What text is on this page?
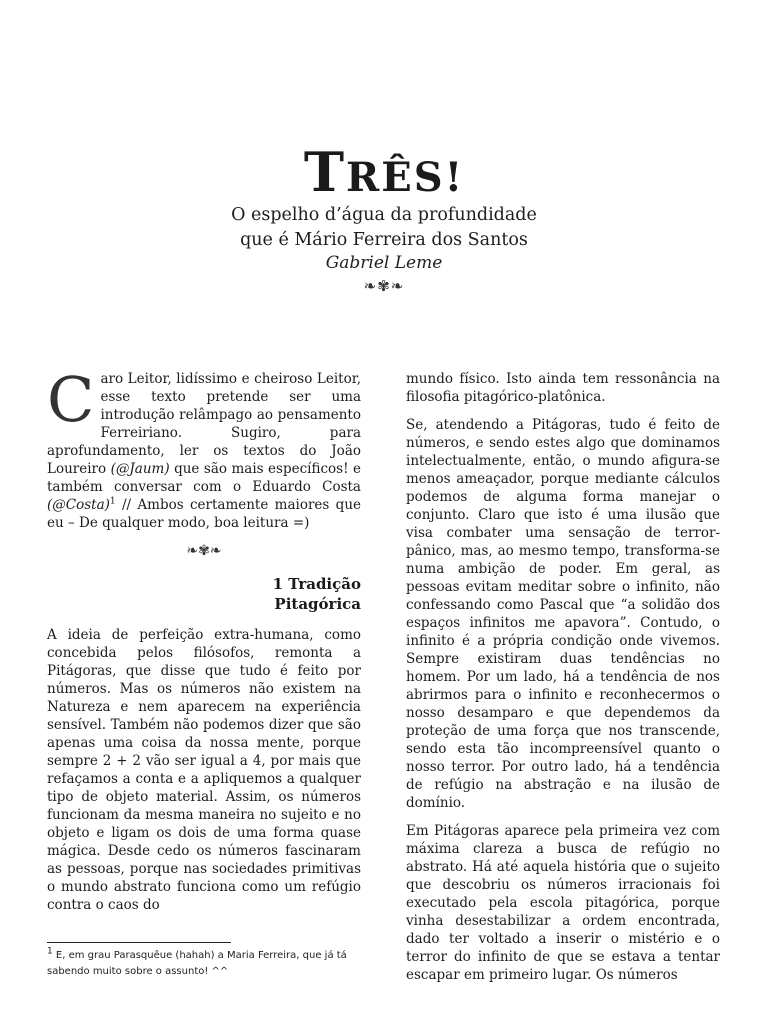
TRÊS!
O espelho d’água da profundidade
que é Mário Ferreira dos Santos
Gabriel Leme
❧✾❧

Caro Leitor, lidíssimo e cheiroso Leitor, esse texto pretende ser uma introdução relâmpago ao pensamento Ferreiriano. Sugiro, para aprofundamento, ler os textos do João Loureiro (@Jaum) que são mais específicos! e também conversar com o Eduardo Costa (@Costa)$^1$ // Ambos certamente maiores que eu – De qualquer modo, boa leitura =)

❧✾❧
1 Tradição
Pitagórica

A ideia de perfeição extra-humana, como concebida pelos filósofos, remonta a Pitágoras, que disse que tudo é feito por números. Mas os números não existem na Natureza e nem aparecem na experiência sensível. Também não podemos dizer que são apenas uma coisa da nossa mente, porque sempre 2 + 2 vão ser igual a 4, por mais que refaçamos a conta e a apliquemos a qualquer tipo de objeto material. Assim, os números funcionam da mesma maneira no sujeito e no objeto e ligam os dois de uma forma quase mágica. Desde cedo os números fascinaram as pessoas, porque nas sociedades primitivas o mundo abstrato funciona como um refúgio contra o caos do

mundo físico. Isto ainda tem ressonância na filosofia pitagórico-platônica.

Se, atendendo a Pitágoras, tudo é feito de números, e sendo estes algo que dominamos intelectualmente, então, o mundo afigura-se menos ameaçador, porque mediante cálculos podemos de alguma forma manejar o conjunto. Claro que isto é uma ilusão que visa combater uma sensação de terror-pânico, mas, ao mesmo tempo, transforma-se numa ambição de poder. Em geral, as pessoas evitam meditar sobre o infinito, não confessando como Pascal que “a solidão dos espaços infinitos me apavora”. Contudo, o infinito é a própria condição onde vivemos. Sempre existiram duas tendências no homem. Por um lado, há a tendência de nos abrirmos para o infinito e reconhecermos o nosso desamparo e que dependemos da proteção de uma força que nos transcende, sendo esta tão incompreensível quanto o nosso terror. Por outro lado, há a tendência de refúgio na abstração e na ilusão de domínio.

Em Pitágoras aparece pela primeira vez com máxima clareza a busca de refúgio no abstrato. Há até aquela história que o sujeito que descobriu os números irracionais foi executado pela escola pitagórica, porque vinha desestabilizar a ordem encontrada, dado ter voltado a inserir o mistério e o terror do infinito de que se estava a tentar escapar em primeiro lugar. Os números

$^1$ E, em grau Parasquêue (hahah) a Maria Ferreira, que já tá sabendo muito sobre o assunto! ^^
